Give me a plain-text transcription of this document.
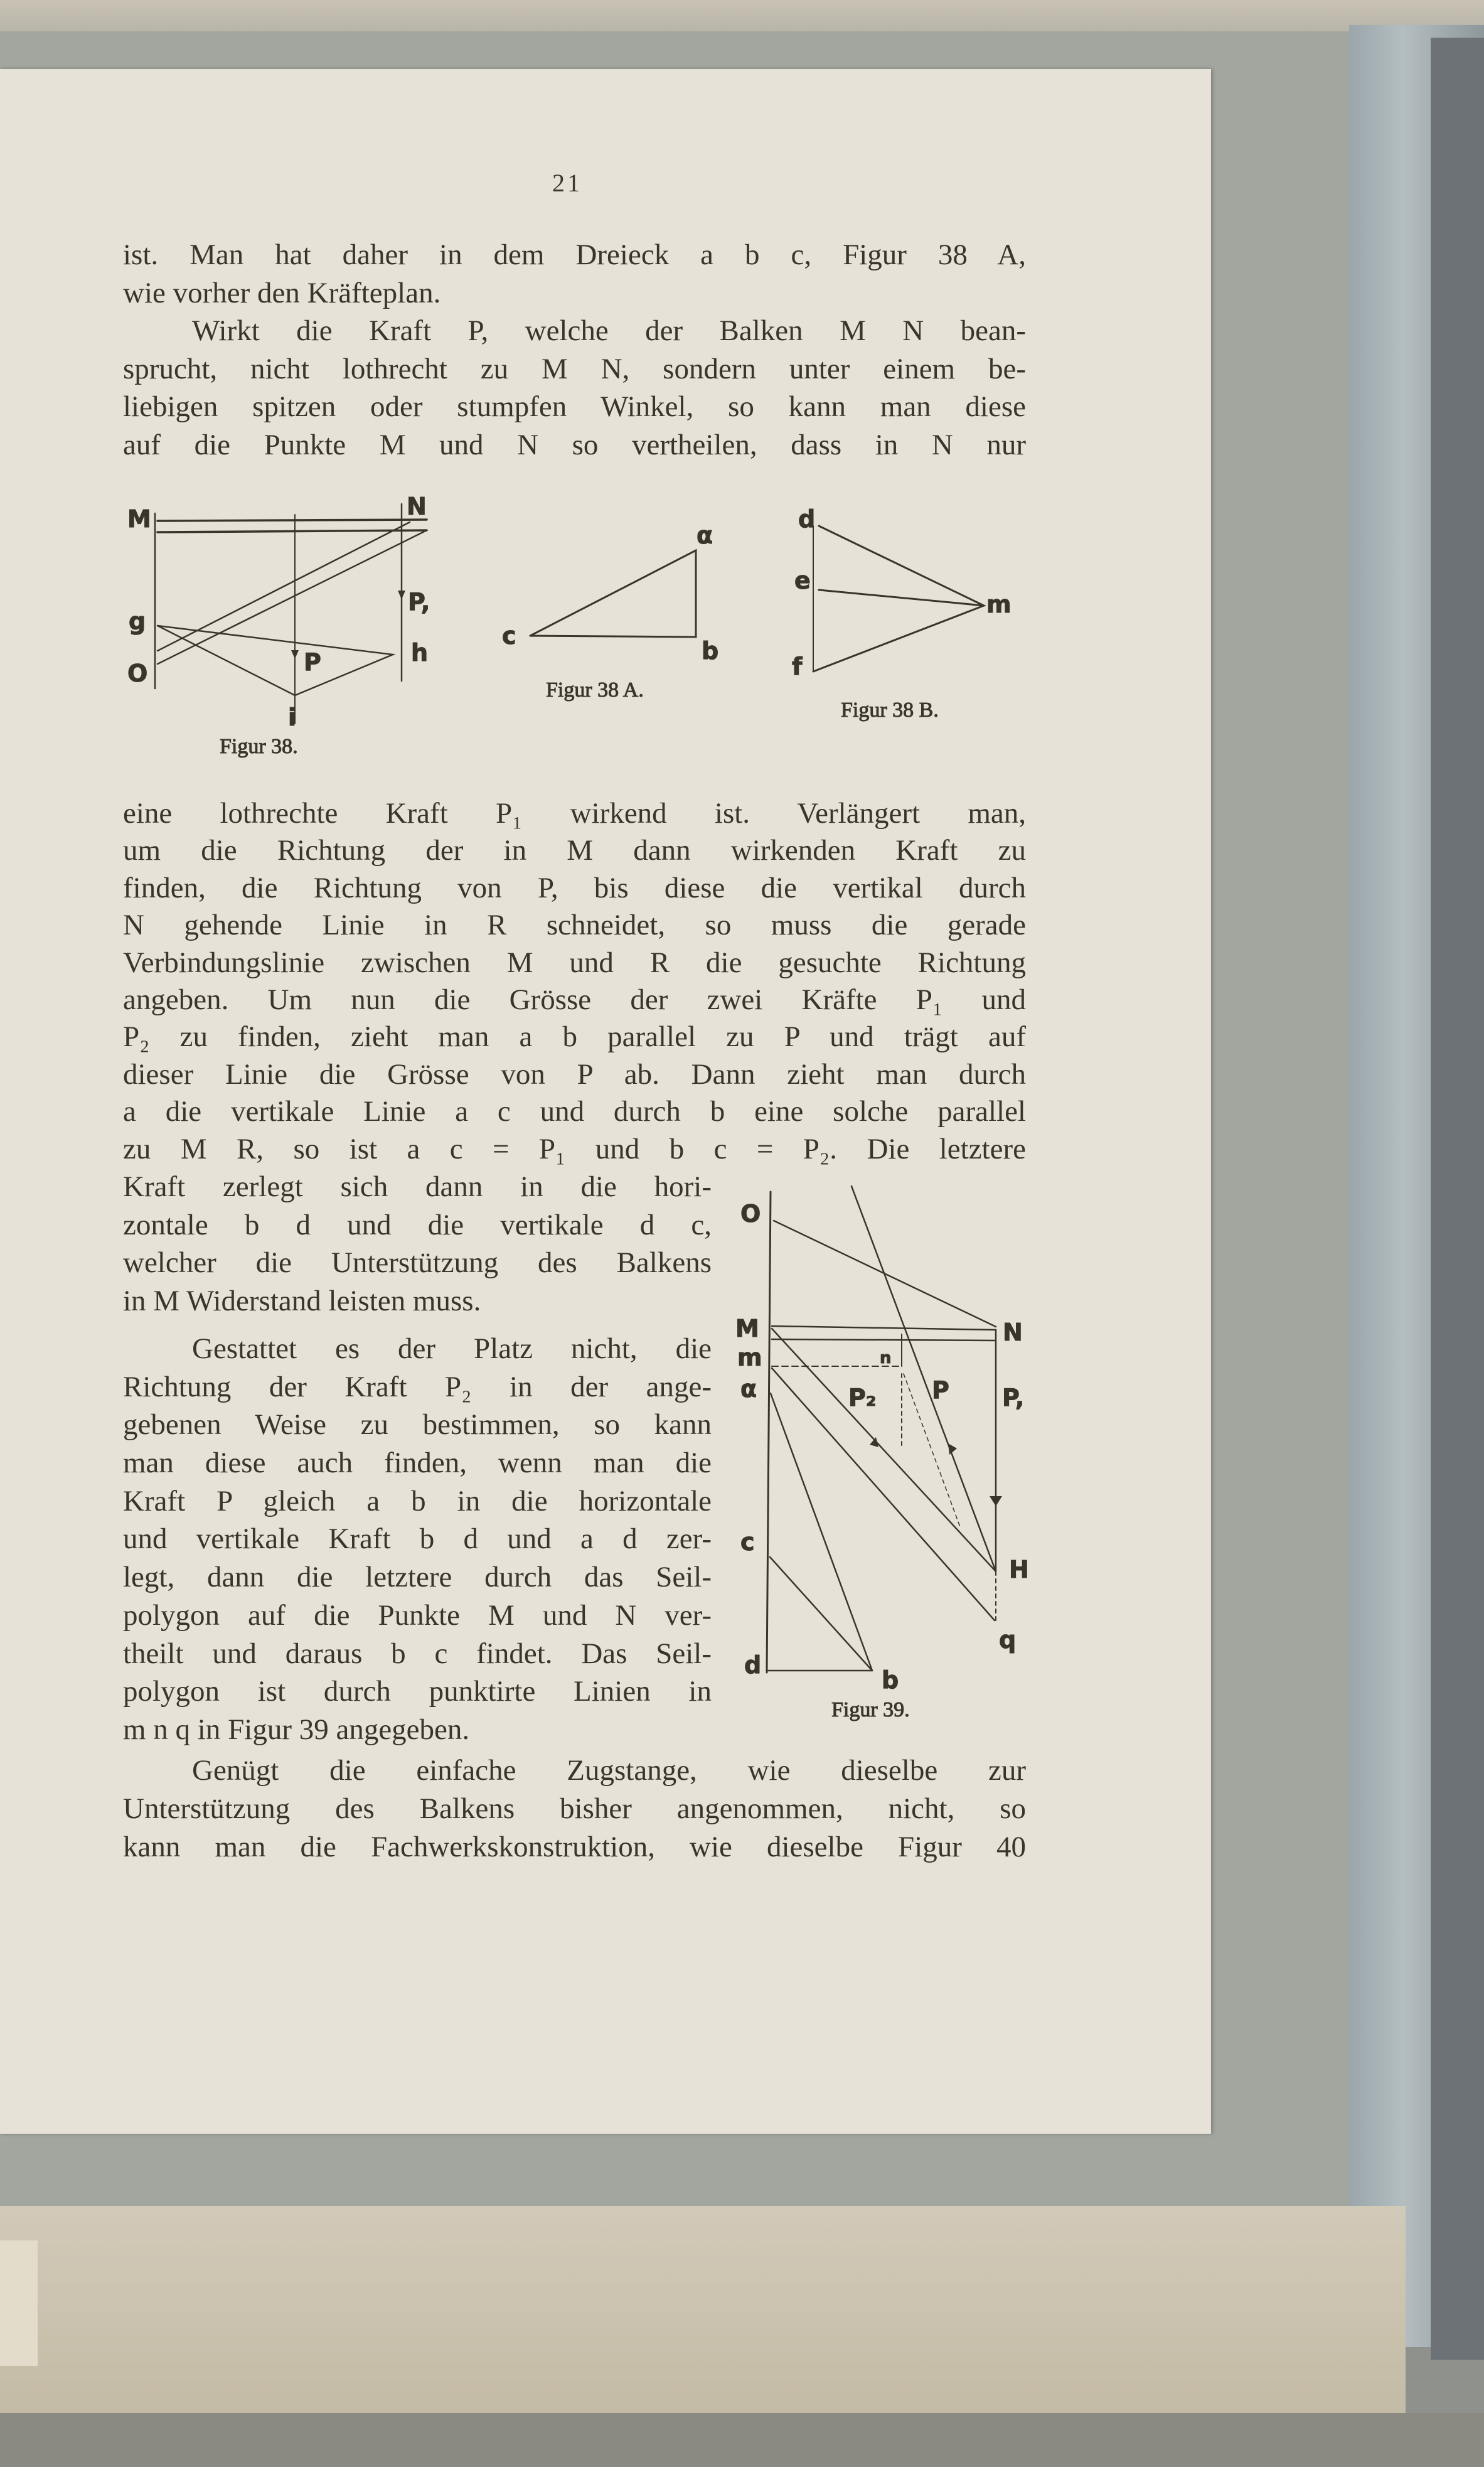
21
ist. Man hat daher in dem Dreieck a b c, Figur 38 A,
wie vorher den Kräfteplan.
Wirkt die Kraft P, welche der Balken M N bean-
sprucht, nicht lothrecht zu M N, sondern unter einem be-
liebigen spitzen oder stumpfen Winkel, so kann man diese
auf die Punkte M und N so vertheilen, dass in N nur
eine lothrechte Kraft P₁ wirkend ist. Verlängert man,
um die Richtung der in M dann wirkenden Kraft zu
finden, die Richtung von P, bis diese die vertikal durch
N gehende Linie in R schneidet, so muss die gerade
Verbindungslinie zwischen M und R die gesuchte Richtung
angeben. Um nun die Grösse der zwei Kräfte P₁ und
P₂ zu finden, zieht man a b parallel zu P und trägt auf
dieser Linie die Grösse von P ab. Dann zieht man durch
a die vertikale Linie a c und durch b eine solche parallel
zu M R, so ist a c = P₁ und b c = P₂. Die letztere
Kraft zerlegt sich dann in die hori-
zontale b d und die vertikale d c,
welcher die Unterstützung des Balkens
in M Widerstand leisten muss.
Gestattet es der Platz nicht, die
Richtung der Kraft P₂ in der ange-
gebenen Weise zu bestimmen, so kann
man diese auch finden, wenn man die
Kraft P gleich a b in die horizontale
und vertikale Kraft b d und a d zer-
legt, dann die letztere durch das Seil-
polygon auf die Punkte M und N ver-
theilt und daraus b c findet. Das Seil-
polygon ist durch punktirte Linien in
m n q in Figur 39 angegeben.
Genügt die einfache Zugstange, wie dieselbe zur
Unterstützung des Balkens bisher angenommen, nicht, so
kann man die Fachwerkskonstruktion, wie dieselbe Figur 40
M	N
g
O
P,
h
P
i
Figur 38.
α
c
b
Figur 38 A.
d
e
f
m
Figur 38 B.
O
M
m
α
n
P₂ P P,
N
H
q
c
d
b
Figur 39.
